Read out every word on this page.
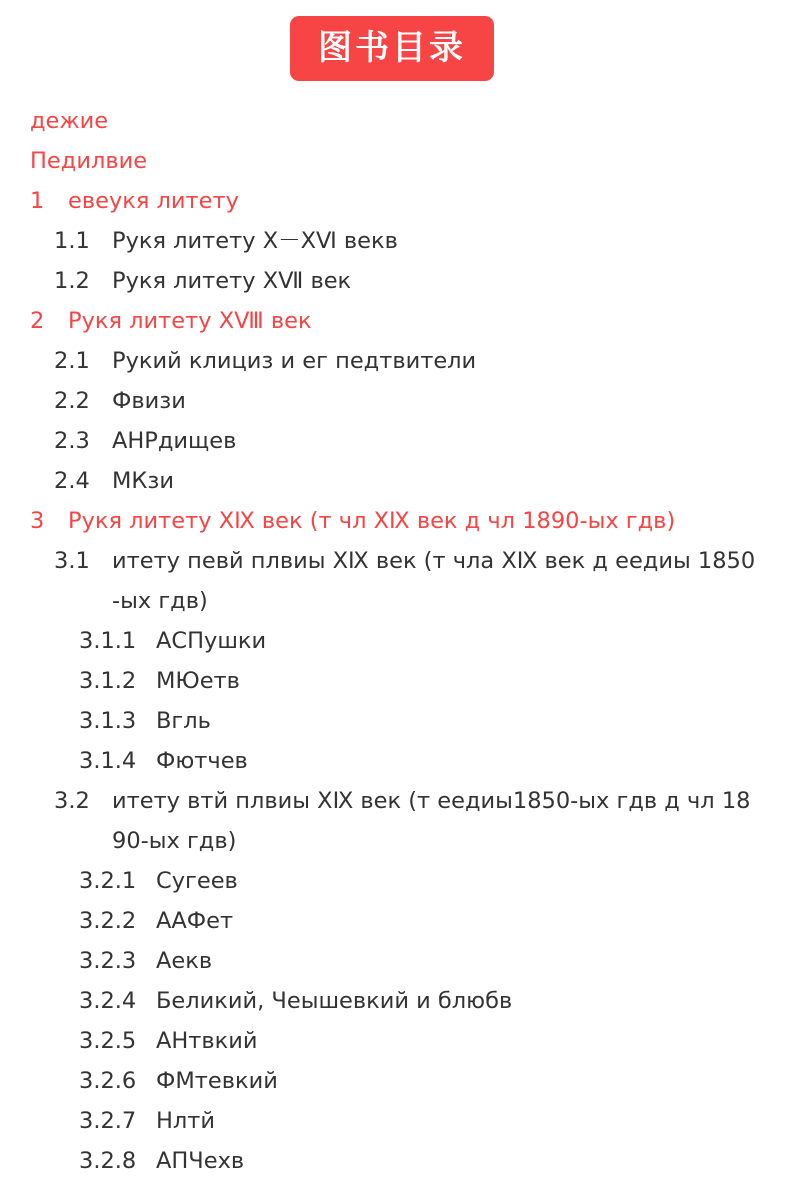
图书目录
дежие
Педилвие
1 евеукя литету
1.1 Рукя литету Ⅹ－ⅩⅥ векв
1.2 Рукя литету ⅩⅦ век
2 Рукя литету ⅩⅧ век
2.1 Рукий клициз и ег педтвители
2.2 Фвизи
2.3 АНРдищев
2.4 МКзи
3 Рукя литету ⅩⅨ век (т чл ⅩⅨ век д чл 1890-ых гдв)
3.1 итету певй плвиы ⅩⅨ век (т чла ⅩⅨ век д еедиы 1850-ых гдв)
3.1.1 АСПушки
3.1.2 МЮетв
3.1.3 Вгль
3.1.4 Фютчев
3.2 итету втй плвиы ⅩⅨ век (т еедиы1850-ых гдв д чл 1890-ых гдв)
3.2.1 Сугеев
3.2.2 ААФет
3.2.3 Аекв
3.2.4 Беликий, Чеышевкий и блюбв
3.2.5 АНтвкий
3.2.6 ФМтевкий
3.2.7 Нлтй
3.2.8 АПЧехв
